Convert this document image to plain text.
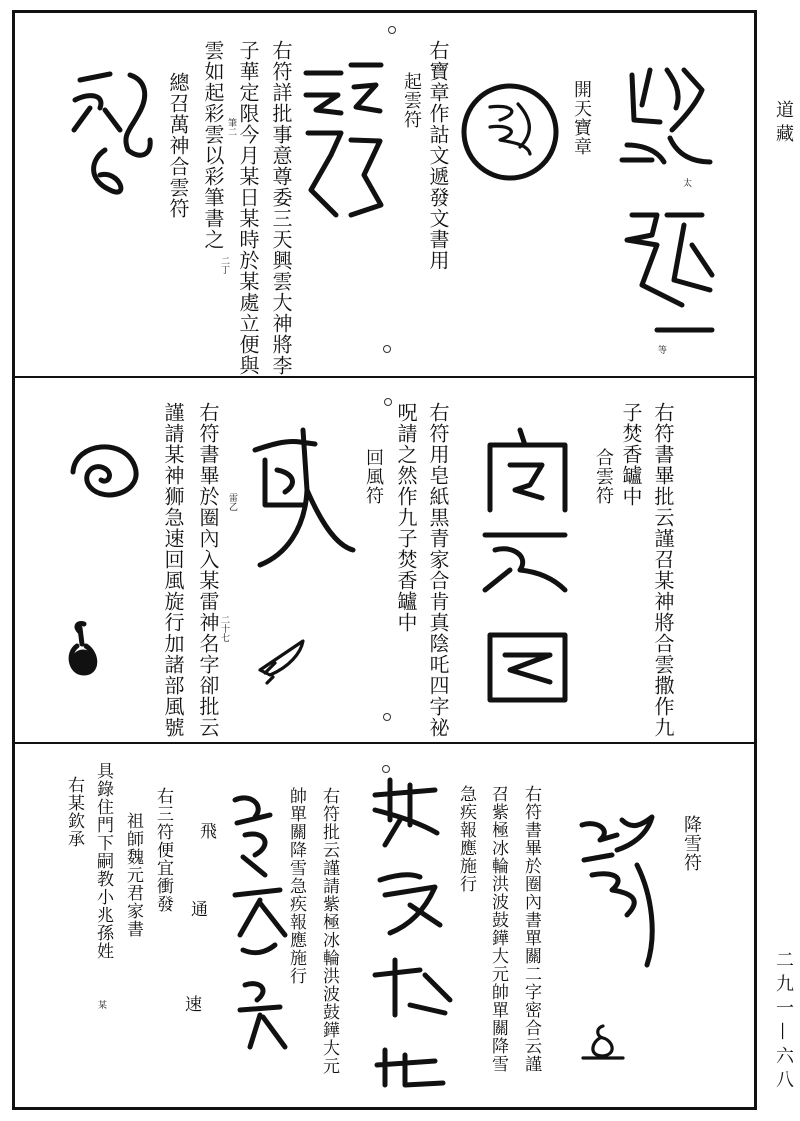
道藏
二九一—六八
開天寶章
太
等
右寶章作詁文遞發文書用
起雲符
右符詳批事意尊委三天興雲大神將李
子華定限今月某日某時於某處立便與
雲如起彩雲以彩筆書之
總召萬神合雲符	筆二
二丁
右符書畢批云謹召某神將合雲撒作九
子焚香罏中
合雲符
右符用皂紙黒青家合肯真陰吒四字祕
呪請之然作九子焚香罏中
回風符
雷乙
二十七
右符書畢於圈內入某雷神名字卻批云
謹請某神狮急速回風旋行加諸部風號
降雪符
右符書畢於圈內書單關二字密合云謹
召紫極冰輪洪波鼓鏵大元帥單關降雪
急疾報應施行
右符批云謹請紫極冰輪洪波鼓鏵大元
帥單關降雪急疾報應施行
飛
通
速
右三符便宜衝發
祖師魏元君家書
具錄住門下嗣教小兆孫姓
某
右某欽承
